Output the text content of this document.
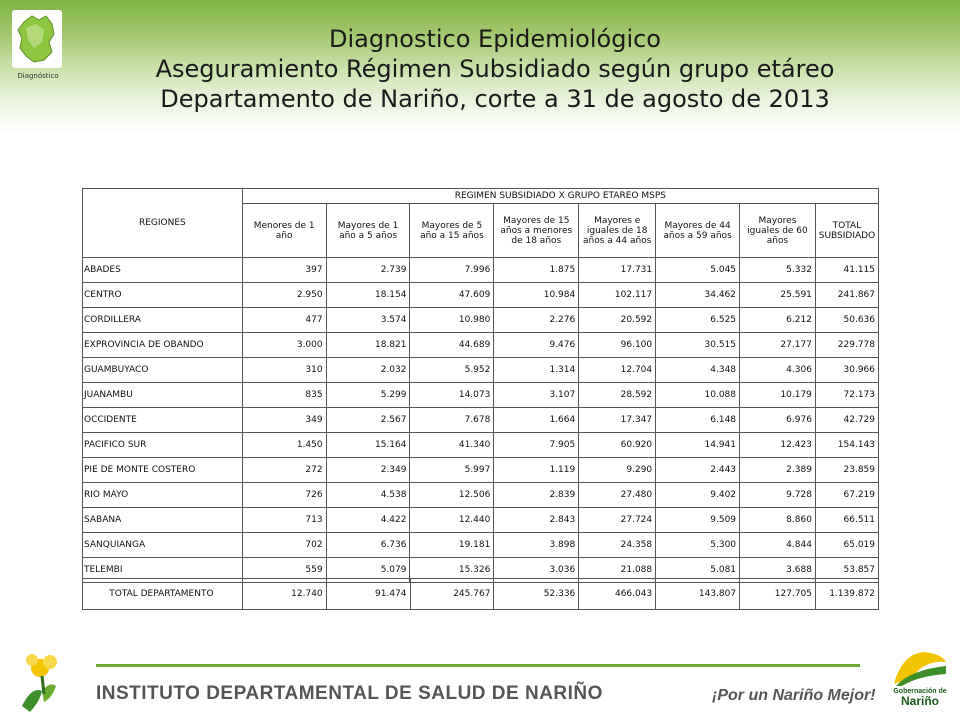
Diagnóstico
Diagnostico Epidemiológico
Aseguramiento Régimen Subsidiado según grupo etáreo
Departamento de Nariño, corte a 31 de agosto de 2013
REGIONES	REGIMEN SUBSIDIADO X GRUPO ETAREO MSPS							
	Menores de 1 año	Mayores de 1 año a 5 años	Mayores de 5 año a 15 años	Mayores de 15 años a menores de 18 años	Mayores e iguales de 18 años a 44 años	Mayores de 44 años a 59 años	Mayores iguales de 60 años	TOTAL SUBSIDIADO
ABADES	397	2.739	7.996	1.875	17.731	5.045	5.332	41.115
CENTRO	2.950	18.154	47.609	10.984	102.117	34.462	25.591	241.867
CORDILLERA	477	3.574	10.980	2.276	20.592	6.525	6.212	50.636
EXPROVINCIA DE OBANDO	3.000	18.821	44.689	9.476	96.100	30.515	27.177	229.778
GUAMBUYACO	310	2.032	5.952	1.314	12.704	4.348	4.306	30.966
JUANAMBU	835	5.299	14.073	3.107	28.592	10.088	10.179	72.173
OCCIDENTE	349	2.567	7.678	1.664	17.347	6.148	6.976	42.729
PACIFICO SUR	1.450	15.164	41.340	7.905	60.920	14.941	12.423	154.143
PIE DE MONTE COSTERO	272	2.349	5.997	1.119	9.290	2.443	2.389	23.859
RIO MAYO	726	4.538	12.506	2.839	27.480	9.402	9.728	67.219
SABANA	713	4.422	12.440	2.843	27.724	9.509	8.860	66.511
SANQUIANGA	702	6.736	19.181	3.898	24.358	5.300	4.844	65.019
TELEMBI	559	5.079	15.326	3.036	21.088	5.081	3.688	53.857
TOTAL DEPARTAMENTO	12.740	91.474	245.767	52.336	466.043	143.807	127.705	1.139.872
INSTITUTO DEPARTAMENTAL DE SALUD DE NARIÑO	¡Por un Nariño Mejor!	Gobernación de
Nariño
